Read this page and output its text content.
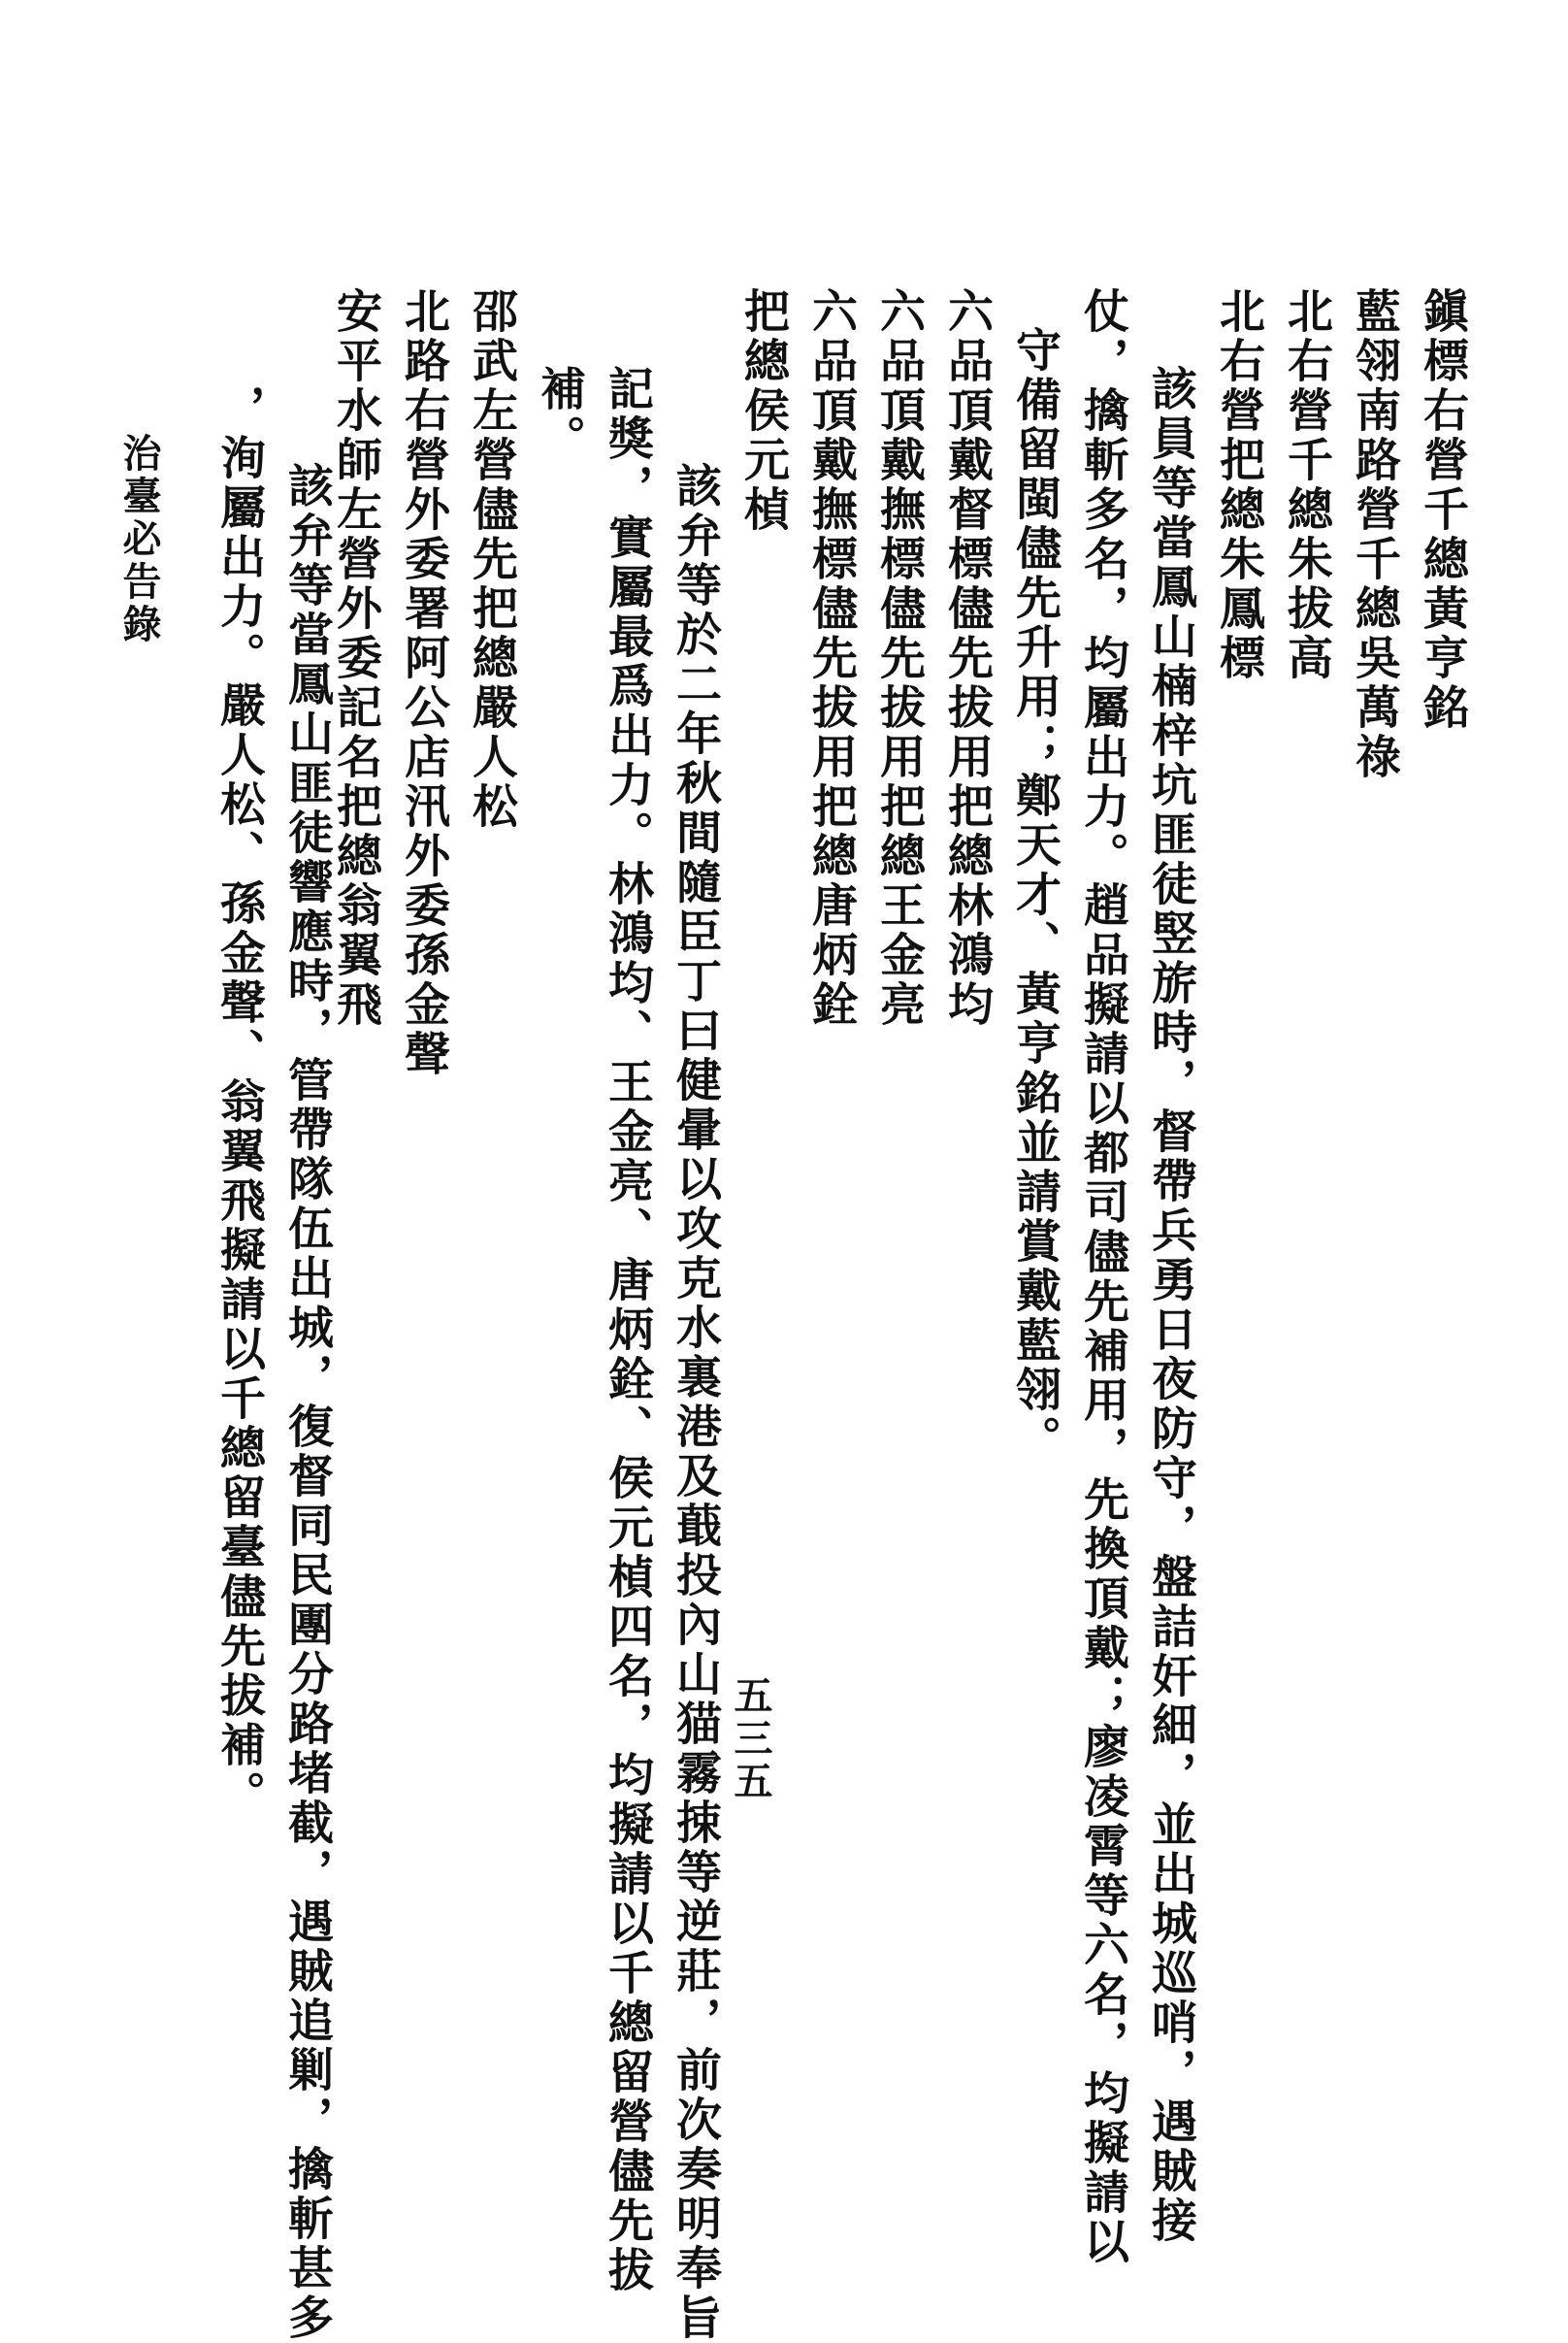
鎭標右營千總黃亨銘
藍翎南路營千總吳萬祿
北右營千總朱拔高
北右營把總朱鳳標
該員等當鳳山楠梓坑匪徒竪旂時，督帶兵勇日夜防守，盤詰奸細，並出城巡哨，遇賊接
仗，擒斬多名，均屬出力。趙品擬請以都司儘先補用，先換頂戴；廖凌霄等六名，均擬請以
守備留閩儘先升用；鄭天才、黃亨銘並請賞戴藍翎。
六品頂戴督標儘先拔用把總林鴻均
六品頂戴撫標儘先拔用把總王金亮
六品頂戴撫標儘先拔用把總唐炳銓
把總侯元楨
該弁等於二年秋間隨臣丁曰健暈以攻克水裏港及蕺投內山猫霧捒等逆莊，前次奏明奉旨
記獎，實屬最爲出力。林鴻均、王金亮、唐炳銓、侯元楨四名，均擬請以千總留營儘先拔
補。
邵武左營儘先把總嚴人松
北路右營外委署阿公店汛外委孫金聲
安平水師左營外委記名把總翁翼飛
該弁等當鳳山匪徒響應時，管帶隊伍出城，復督同民團分路堵截，遇賊追剿，擒斬甚多
，洵屬出力。嚴人松、孫金聲、翁翼飛擬請以千總留臺儘先拔補。
治臺必告錄
五三五
